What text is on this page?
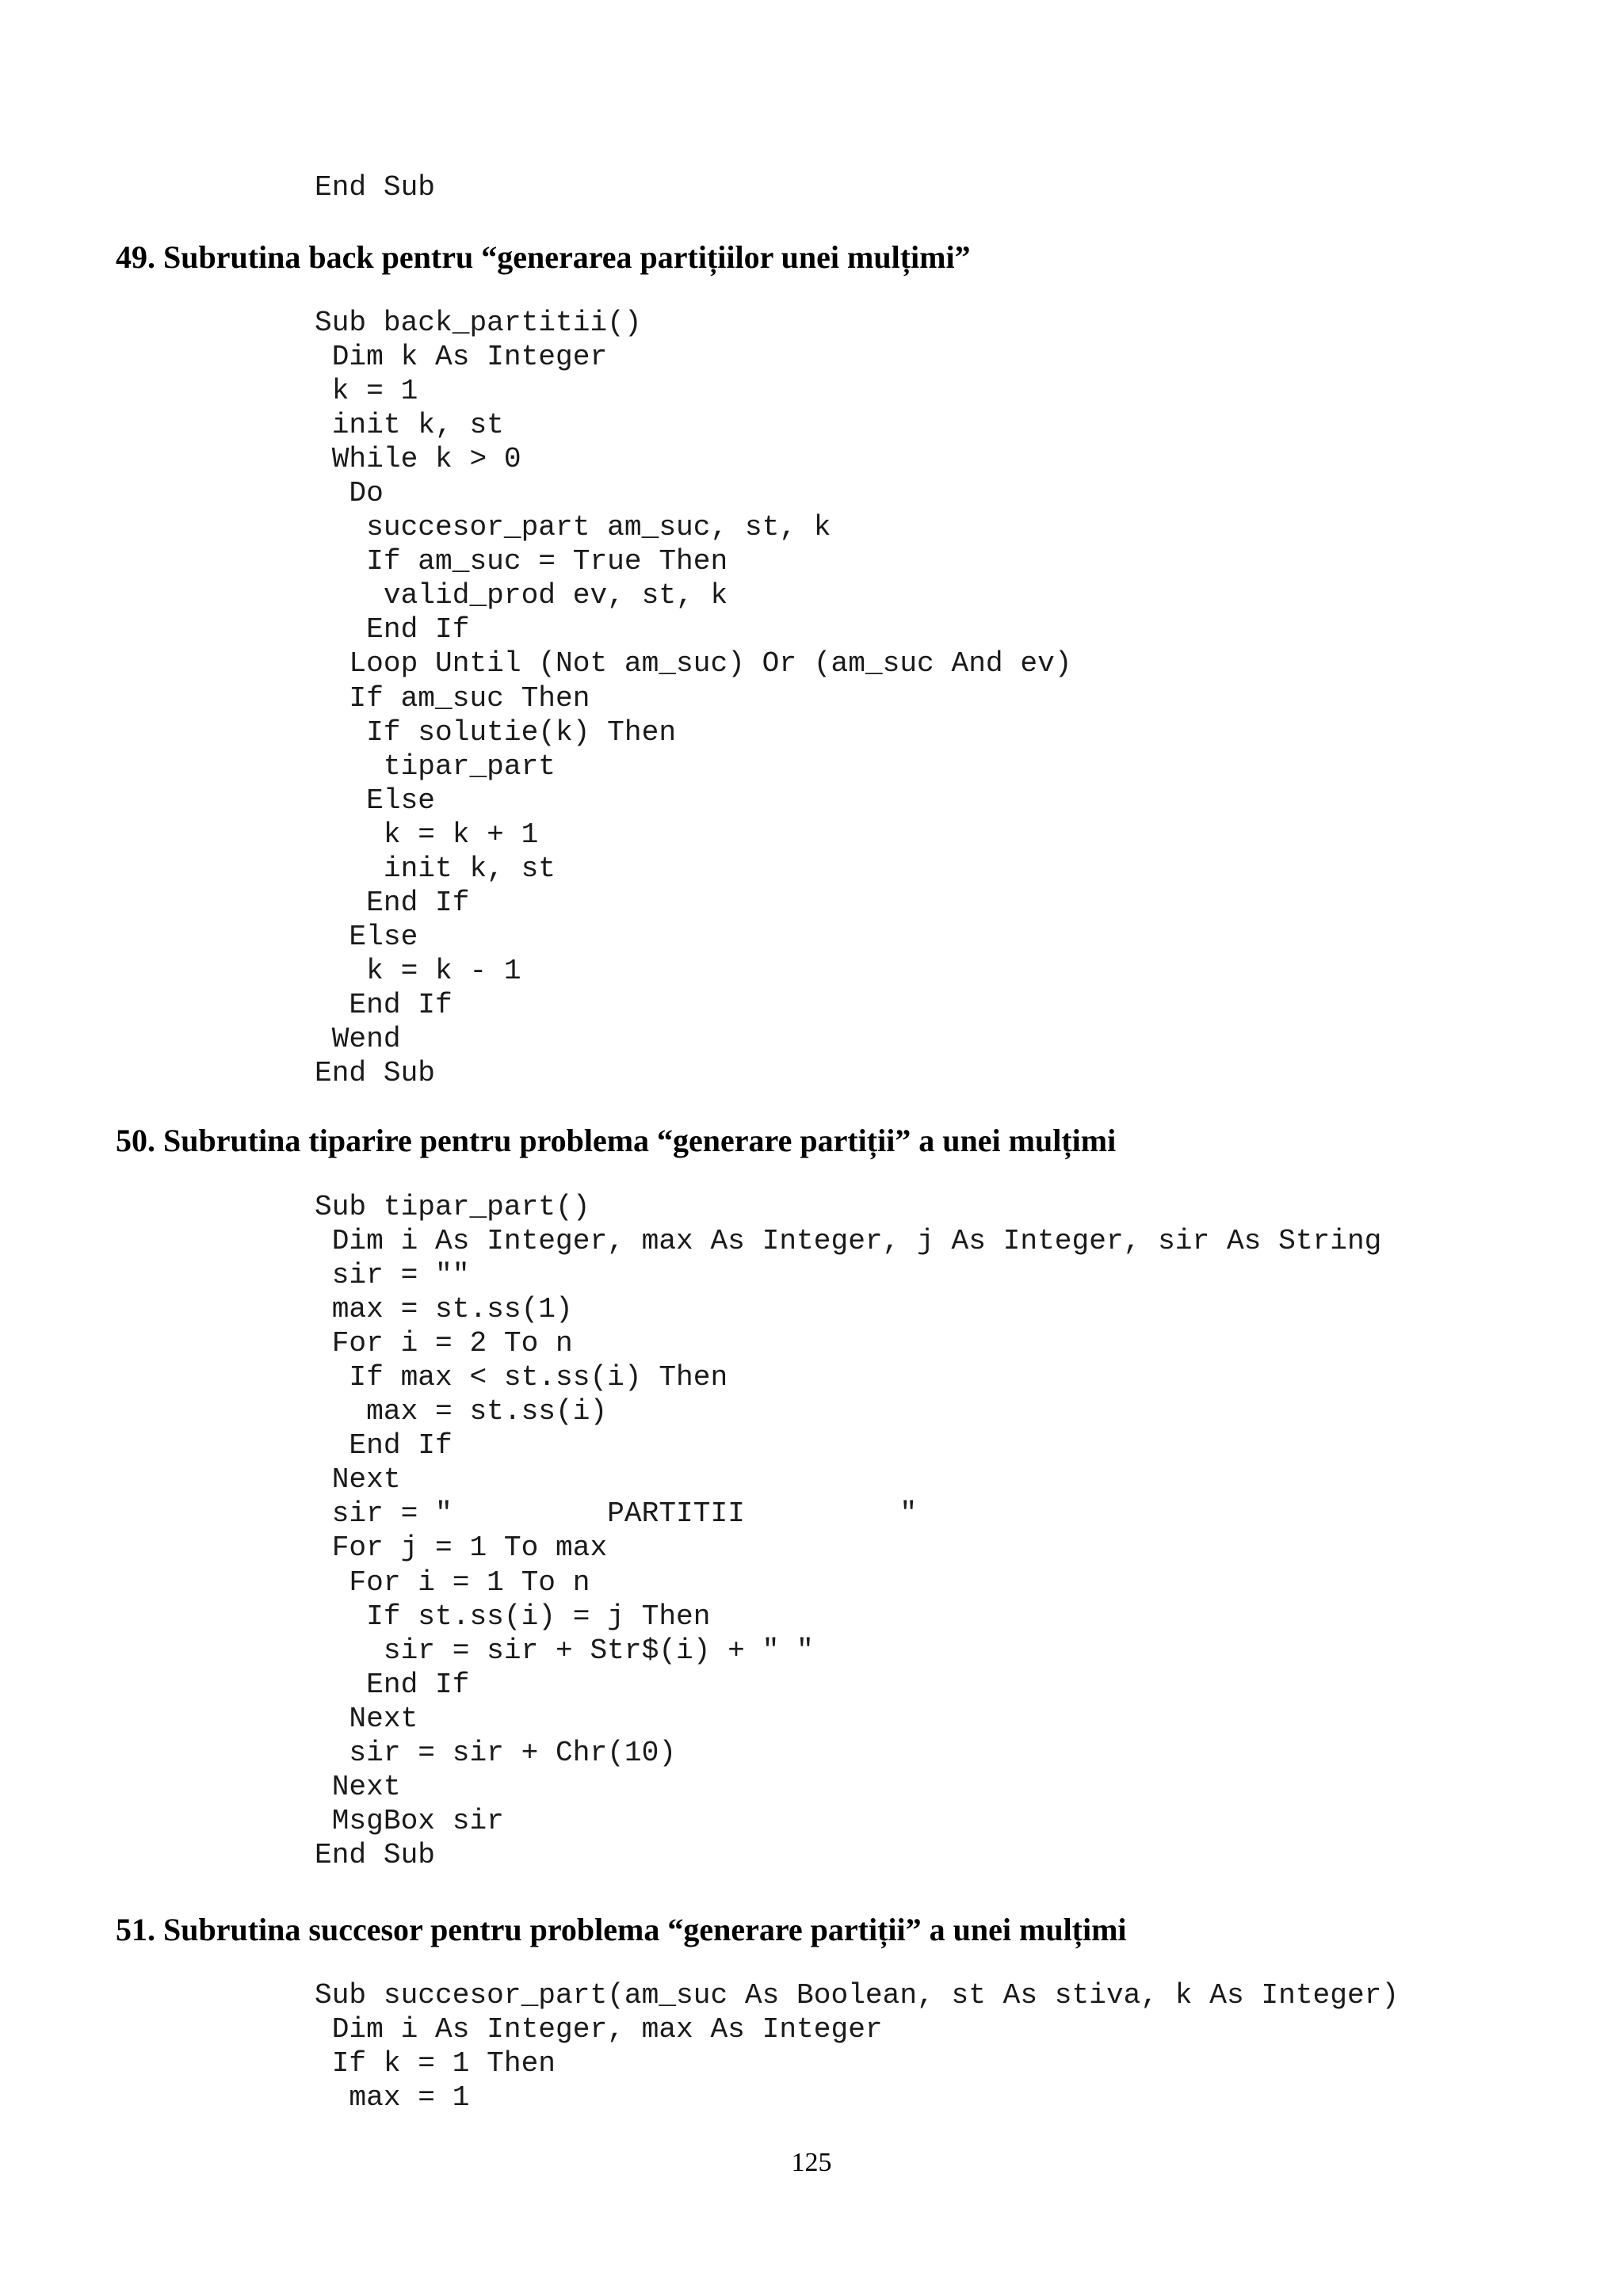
End Sub
49. Subrutina back pentru “generarea partițiilor unei mulțimi”
Sub back_partitii()
Dim k As Integer
k = 1
init k, st
While k > 0
Do
succesor_part am_suc, st, k
If am_suc = True Then
valid_prod ev, st, k
End If
Loop Until (Not am_suc) Or (am_suc And ev)
If am_suc Then
If solutie(k) Then
tipar_part
Else
k = k + 1
init k, st
End If
Else
k = k - 1
End If
Wend
End Sub
50. Subrutina tiparire pentru problema “generare partiții” a unei mulțimi
Sub tipar_part()
Dim i As Integer, max As Integer, j As Integer, sir As String
sir = ""
max = st.ss(1)
For i = 2 To n
If max < st.ss(i) Then
max = st.ss(i)
End If
Next
sir = "         PARTITII         "
For j = 1 To max
For i = 1 To n
If st.ss(i) = j Then
sir = sir + Str$(i) + " "
End If
Next
sir = sir + Chr(10)
Next
MsgBox sir
End Sub
51. Subrutina succesor pentru problema “generare partiții” a unei mulțimi
Sub succesor_part(am_suc As Boolean, st As stiva, k As Integer)
Dim i As Integer, max As Integer
If k = 1 Then
max = 1
125
